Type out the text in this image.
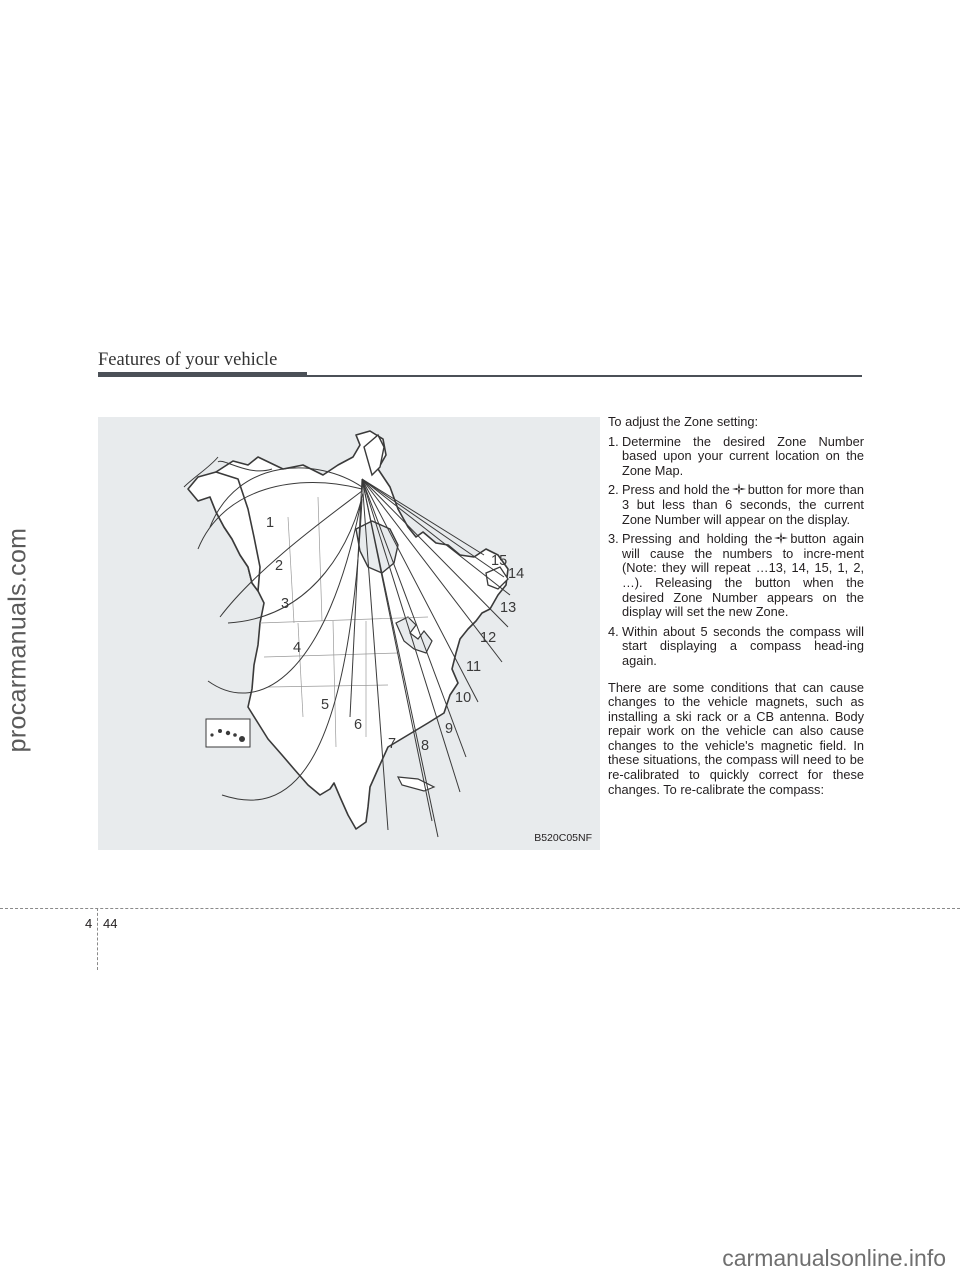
procarmanuals.com
Features of your vehicle
1
2
3
4
5
6
7 8
9
10
11
12
13
14
15
B520C05NF

To adjust the Zone setting:

1. Determine the desired Zone Number based upon your current location on the Zone Map.
2. Press and hold the button for more than 3 but less than 6 seconds, the current Zone Number will appear on the display.
3. Pressing and holding the button again will cause the numbers to incre-ment (Note: they will repeat …13, 14, 15, 1, 2, …). Releasing the button when the desired Zone Number appears on the display will set the new Zone.
4. Within about 5 seconds the compass will start displaying a compass head-ing again.

There are some conditions that can cause changes to the vehicle magnets, such as installing a ski rack or a CB antenna. Body repair work on the vehicle can also cause changes to the vehicle's magnetic field. In these situations, the compass will need to be re-calibrated to quickly correct for these changes. To re-calibrate the compass:

4 44
carmanualsonline.info
